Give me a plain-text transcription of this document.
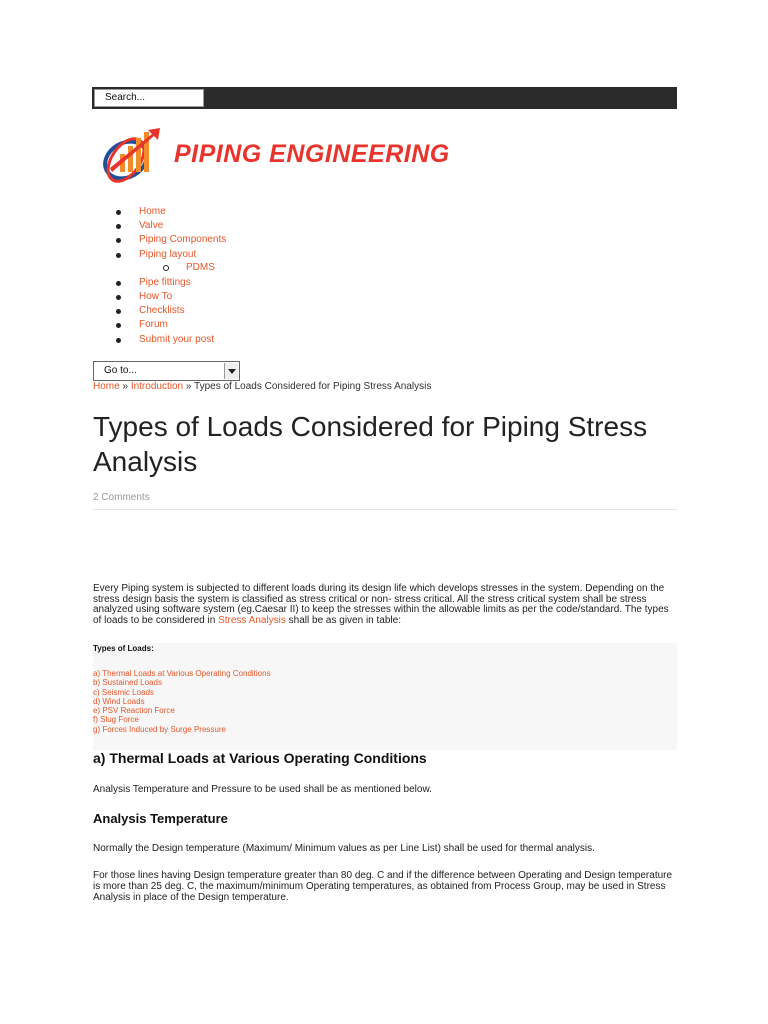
Search...
PIPING ENGINEERING
Home
Valve
Piping Components
Piping layout
PDMS
Pipe fittings
How To
Checklists
Forum
Submit your post
Go to...
Home » Introduction » Types of Loads Considered for Piping Stress Analysis
Types of Loads Considered for Piping Stress Analysis
2 Comments

Every Piping system is subjected to different loads during its design life which develops stresses in the system. Depending on the stress design basis the system is classified as stress critical or non- stress critical. All the stress critical system shall be stress analyzed using software system (eg.Caesar II) to keep the stresses within the allowable limits as per the code/standard. The types of loads to be considered in Stress Analysis shall be as given in table:

Types of Loads:
a) Thermal Loads at Various Operating Conditions
b) Sustained Loads
c) Seismic Loads
d) Wind Loads
e) PSV Reaction Force
f) Slug Force
g) Forces Induced by Surge Pressure
a) Thermal Loads at Various Operating Conditions

Analysis Temperature and Pressure to be used shall be as mentioned below.

Analysis Temperature

Normally the Design temperature (Maximum/ Minimum values as per Line List) shall be used for thermal analysis.

For those lines having Design temperature greater than 80 deg. C and if the difference between Operating and Design temperature is more than 25 deg. C, the maximum/minimum Operating temperatures, as obtained from Process Group, may be used in Stress Analysis in place of the Design temperature.
